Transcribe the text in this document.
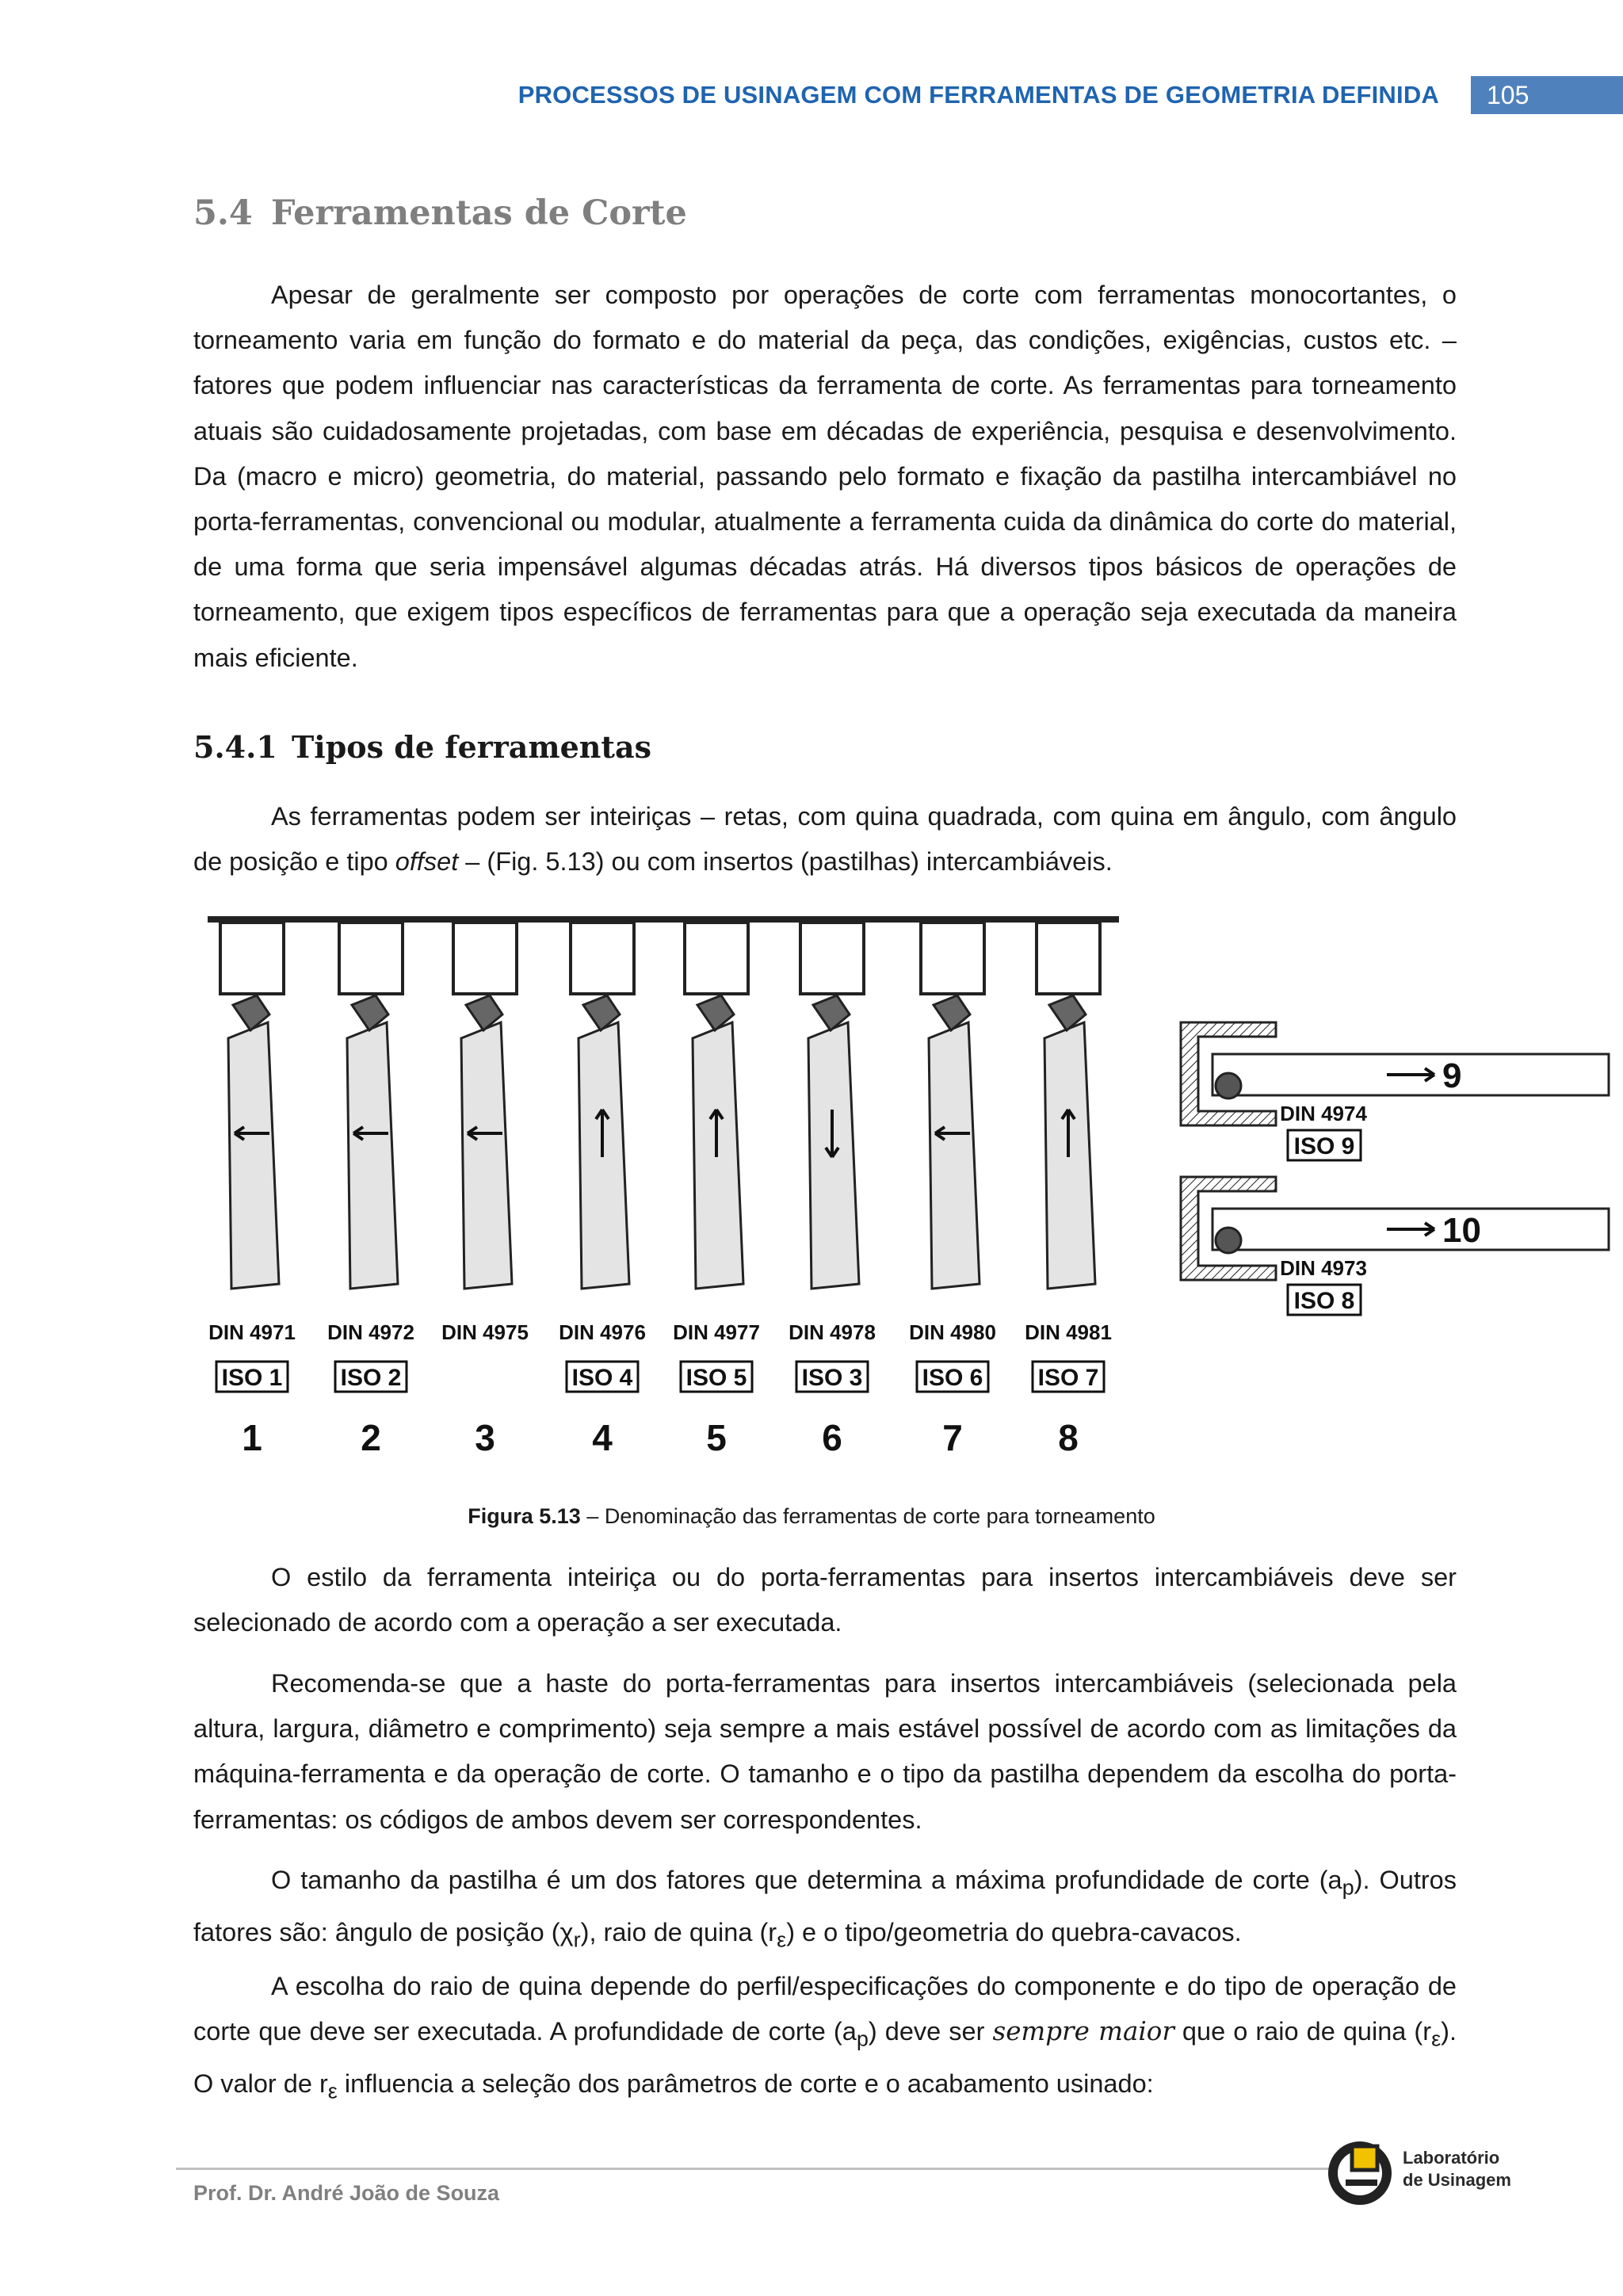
PROCESSOS DE USINAGEM COM FERRAMENTAS DE GEOMETRIA DEFINIDA	105
5.4 Ferramentas de Corte
Apesar de geralmente ser composto por operações de corte com ferramentas monocortantes, o torneamento varia em função do formato e do material da peça, das condições, exigências, custos etc. – fatores que podem influenciar nas características da ferramenta de corte. As ferramentas para torneamento atuais são cuidadosamente projetadas, com base em décadas de experiência, pesquisa e desenvolvimento. Da (macro e micro) geometria, do material, passando pelo formato e fixação da pastilha intercambiável no porta-ferramentas, convencional ou modular, atualmente a ferramenta cuida da dinâmica do corte do material, de uma forma que seria impensável algumas décadas atrás. Há diversos tipos básicos de operações de torneamento, que exigem tipos específicos de ferramentas para que a operação seja executada da maneira mais eficiente.
5.4.1 Tipos de ferramentas
As ferramentas podem ser inteiriças – retas, com quina quadrada, com quina em ângulo, com ângulo de posição e tipo offset – (Fig. 5.13) ou com insertos (pastilhas) intercambiáveis.
DIN 4971
ISO 1
1
DIN 4972
ISO 2
2
DIN 4975
3
DIN 4976
ISO 4
4
DIN 4977
ISO 5
5
DIN 4978
ISO 3
6
DIN 4980
ISO 6
7
DIN 4981
ISO 7
8
9
DIN 4974
ISO 9
10
DIN 4973
ISO 8
Figura 5.13 – Denominação das ferramentas de corte para torneamento
O estilo da ferramenta inteiriça ou do porta-ferramentas para insertos intercambiáveis deve ser selecionado de acordo com a operação a ser executada.
Recomenda-se que a haste do porta-ferramentas para insertos intercambiáveis (selecionada pela altura, largura, diâmetro e comprimento) seja sempre a mais estável possível de acordo com as limitações da máquina-ferramenta e da operação de corte. O tamanho e o tipo da pastilha dependem da escolha do porta-ferramentas: os códigos de ambos devem ser correspondentes.
O tamanho da pastilha é um dos fatores que determina a máxima profundidade de corte $(a_p)$. Outros fatores são: ângulo de posição $(\chi_r)$, raio de quina $(r_\varepsilon)$ e o tipo/geometria do quebra-cavacos.
A escolha do raio de quina depende do perfil/especificações do componente e do tipo de operação de corte que deve ser executada. A profundidade de corte $(a_p)$ deve ser sempre maior que o raio de quina $(r_\varepsilon)$. O valor de $r_\varepsilon$ influencia a seleção dos parâmetros de corte e o acabamento usinado:
Prof. Dr. André João de Souza
Laboratório
de Usinagem
